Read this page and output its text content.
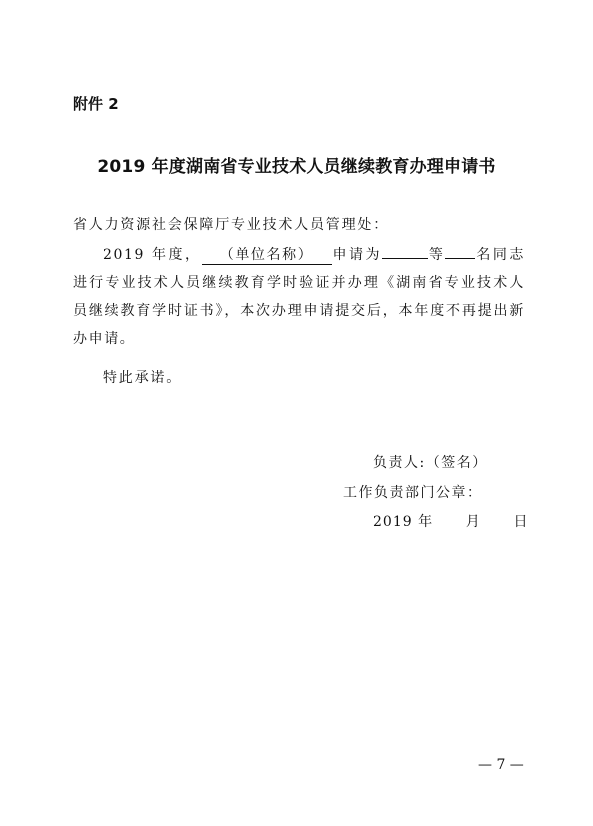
附件 2
2019 年度湖南省专业技术人员继续教育办理申请书
省人力资源社会保障厅专业技术人员管理处：
2019 年度， （单位名称） 申请为	等 名同志进行专业技术人员继续教育学时验证并办理《湖南省专业技术人员继续教育学时证书》，本次办理申请提交后，本年度不再提出新办申请。
特此承诺。
负责人:（签名）
工作负责部门公章：
2019 年      月      日
— 7 —
